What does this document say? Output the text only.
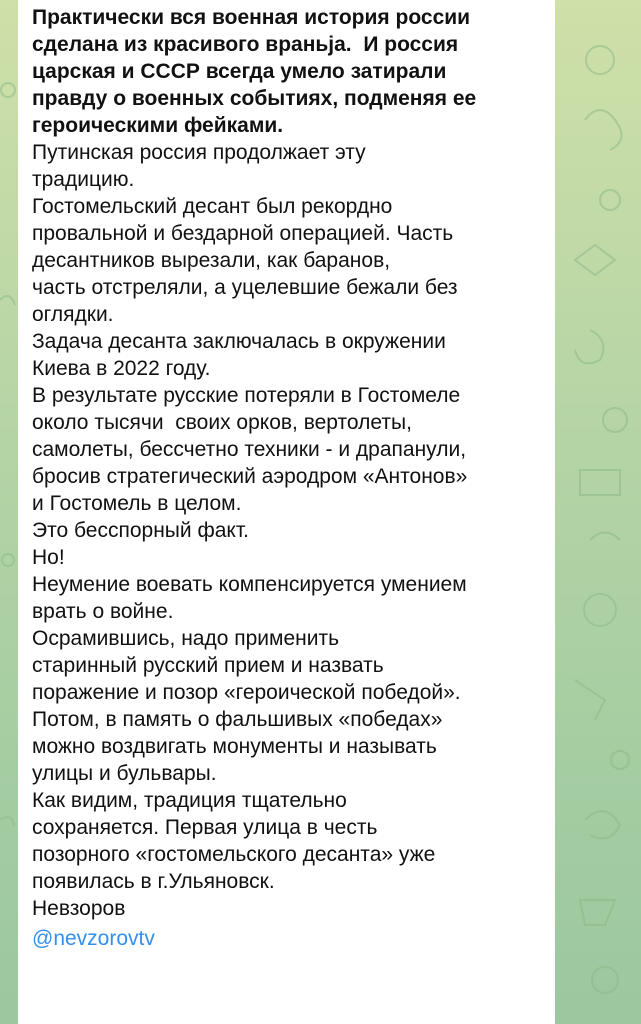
Практически вся военная история россии
сделана из красивого враньjа.  И россия
царская и СССР всегда умело затирали
правду о военных событиях, подменяя ее
героическими фейками.
Путинская россия продолжает эту
традицию.
Гостомельский десант был рекордно
провальной и бездарной операцией. Часть
десантников вырезали, как баранов,
часть отстреляли, а уцелевшие бежали без
оглядки.
Задача десанта заключалась в окружении
Киева в 2022 году.
В результате русские потеряли в Гостомеле
около тысячи  своих орков, вертолеты,
самолеты, бессчетно техники - и драпанули,
бросив стратегический аэродром «Антонов»
и Гостомель в целом.
Это бесспорный факт.
Но!
Неумение воевать компенсируется умением
врать о войне.
Осрамившись, надо применить
старинный русский прием и назвать
поражение и позор «героической победой».
Потом, в память о фальшивых «победах»
можно воздвигать монументы и называть
улицы и бульвары.
Как видим, традиция тщательно
сохраняется. Первая улица в честь
позорного «гостомельского десанта» уже
появилась в г.Ульяновск.
Невзоров
@nevzorovtv
